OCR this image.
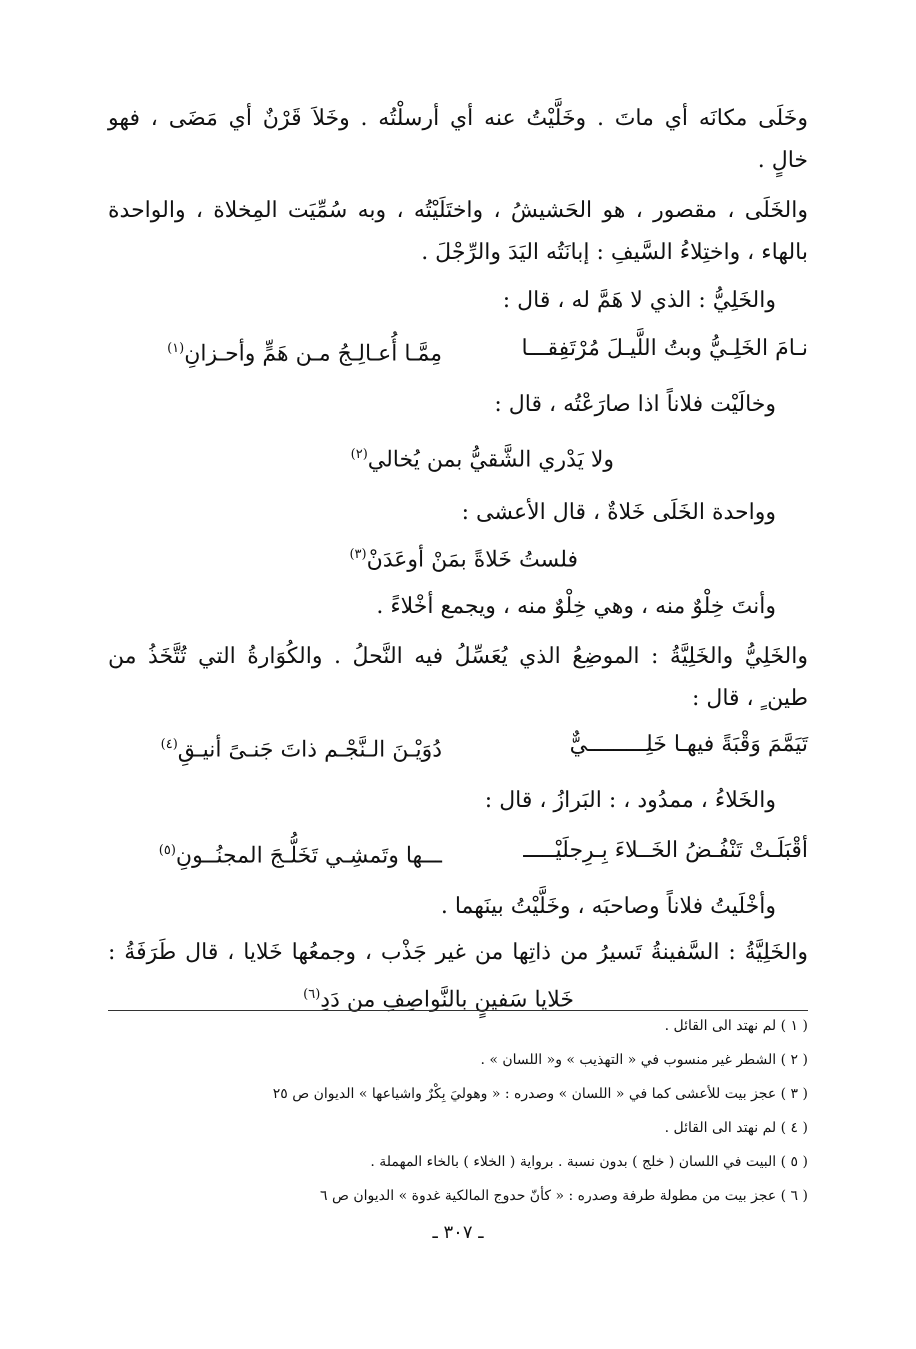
وخَلَى مكانَه أي ماتَ . وخَلَّيْتُ عنه أي أرسلْتُه . وخَلاَ قَرْنٌ أي مَضَى ، فهو
خالٍ .
والخَلَى ، مقصور ، هو الحَشيشُ ، واختَلَيْتُه ، وبه سُمِّيَت المِخلاة ، والواحدة
بالهاء ، واختِلاءُ السَّيفِ : إبانَتُه اليَدَ والرِّجْلَ .
والخَلِيُّ : الذي لا هَمَّ له ، قال :
نـامَ الخَلِـيُّ وبتُ اللَّيـلَ مُرْتَفِقـــا
مِمَّـا أُعـالِـجُ مـن هَمٍّ وأحـزانِ$^{(١)}$
وخالَيْت فلاناً اذا صارَعْتُه ، قال :
ولا يَدْري الشَّقيُّ بمن يُخالي$^{(٢)}$
وواحدة الخَلَى خَلاةٌ ، قال الأعشى :
فلستُ خَلاةً بمَنْ أوعَدَنْ$^{(٣)}$
وأنتَ خِلْوٌ منه ، وهي خِلْوٌ منه ، ويجمع أخْلاءً .
والخَلِيُّ والخَلِيَّةُ : الموضِعُ الذي يُعَسِّلُ فيه النَّحلُ . والكُوَارةُ التي تُتَّخَذُ من
طين ٍ ، قال :
تَيَمَّمَ وَقْبَةً فيهـا خَلِـــــــــيٌّ
دُوَيْـنَ الـنَّجْـم ذاتَ جَنـىً أنيـقِ$^{(٤)}$
والخَلاءُ ، ممدُود ، : البَرازُ ، قال :
أقْبَلَـتْ تَنْفُـضُ الخَــلاءَ بِـرِجلَيْـــــ
ـــها وتَمشِـي تَخَلُّـجَ المجنُــونِ$^{(٥)}$
وأخْلَيتُ فلاناً وصاحبَه ، وخَلَّيْتُ بينَهما .
والخَلِيَّةُ : السَّفينةُ تَسيرُ من ذاتِها من غير جَذْب ، وجمعُها خَلايا ، قال طَرَفَةُ :
خَلايا سَفينٍ بالنَّواصِفِ من دَدِ$^{(٦)}$
( ١ ) لم نهتد الى القائل .
( ٢ ) الشطر غير منسوب في « التهذيب » و« اللسان » .
( ٣ ) عجز بيت للأعشى كما في « اللسان » وصدره : « وهوليَ بِكْرٌ واشياعها » الديوان ص ٢٥
( ٤ ) لم نهتد الى القائل .
( ٥ ) البيت في اللسان ( خلج ) بدون نسبة . برواية ( الخلاء ) بالخاء المهملة .
( ٦ ) عجز بيت من مطولة طرفة وصدره : « كأنّ حدوج المالكية غدوة » الديوان ص ٦
ـ ٣٠٧ ـ
